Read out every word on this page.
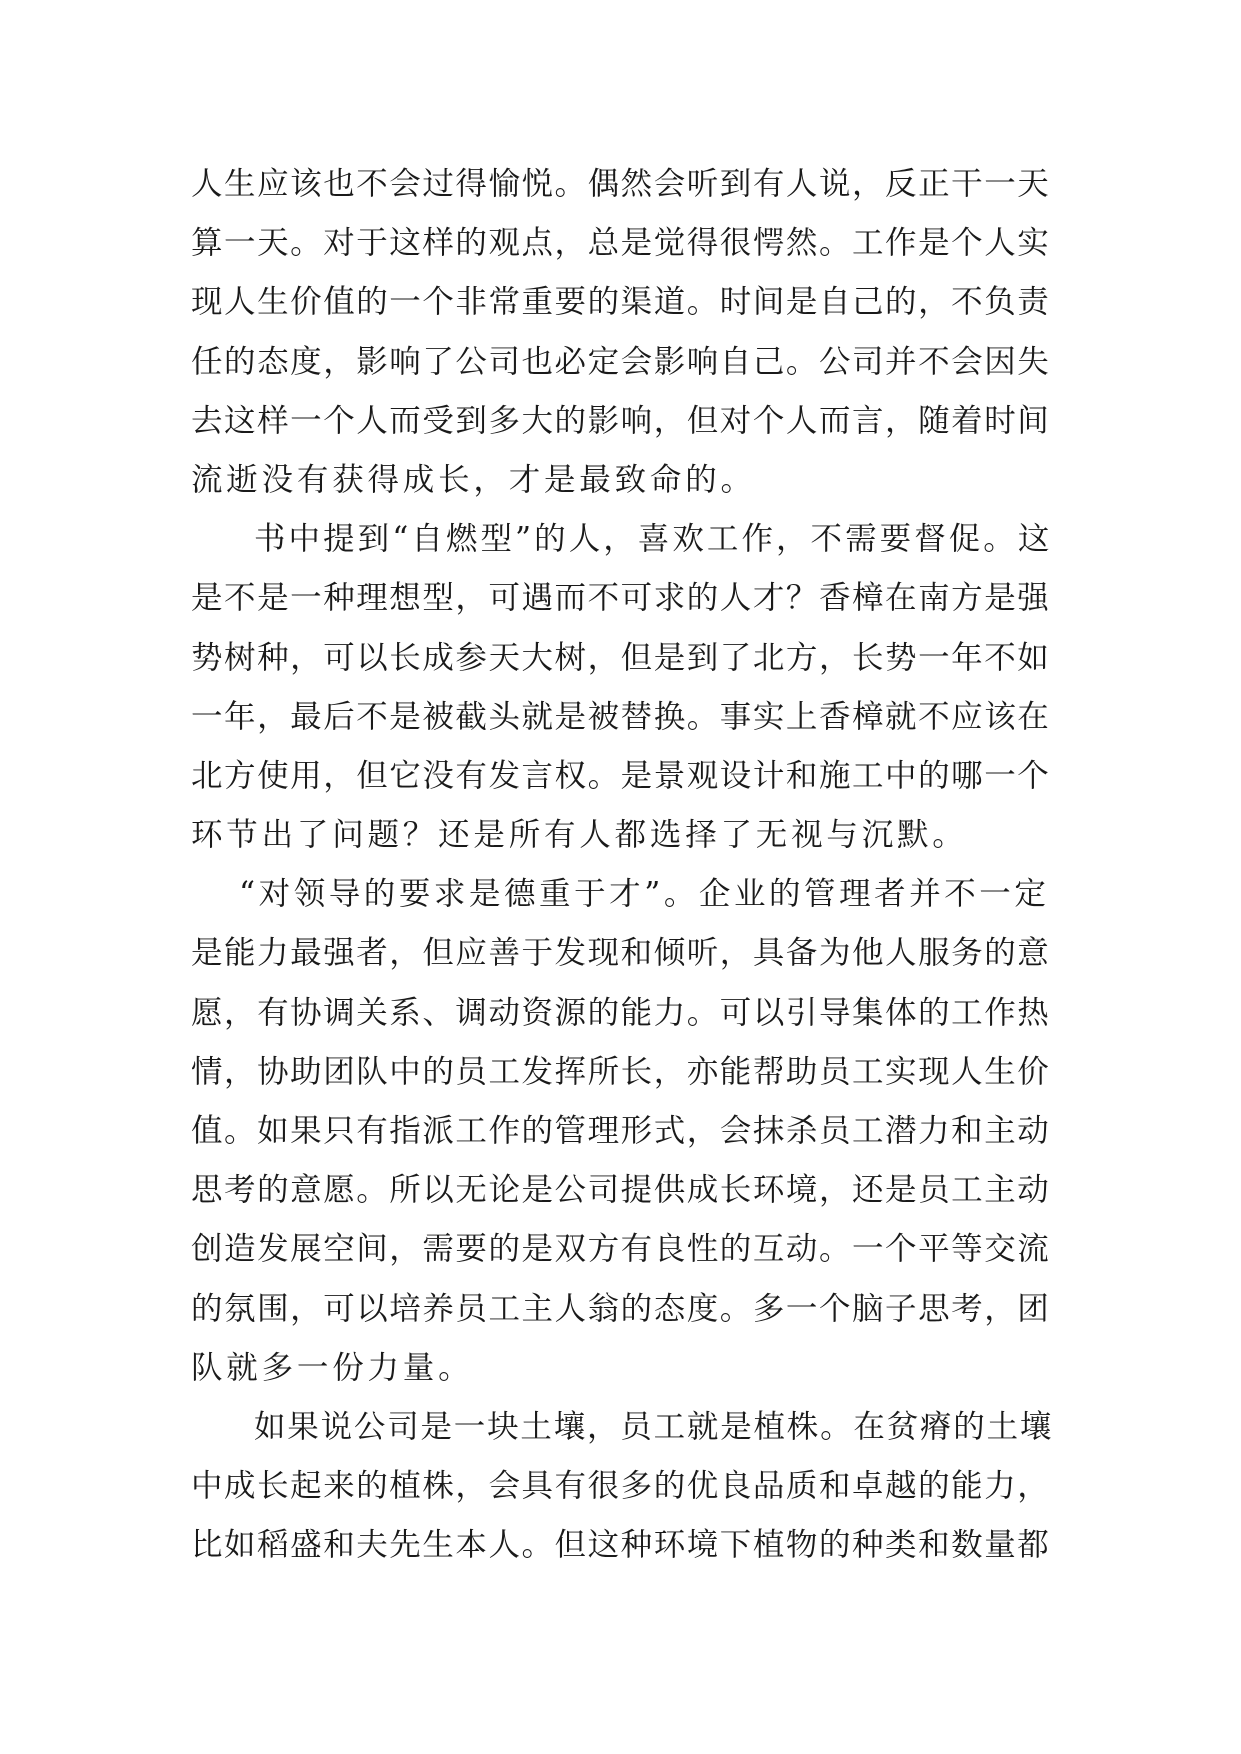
人生应该也不会过得愉悦。偶然会听到有人说，反正干一天
算一天。对于这样的观点，总是觉得很愕然。工作是个人实
现人生价值的一个非常重要的渠道。时间是自己的，不负责
任的态度，影响了公司也必定会影响自己。公司并不会因失
去这样一个人而受到多大的影响，但对个人而言，随着时间
流逝没有获得成长，才是最致命的。
书中提到“自燃型”的人，喜欢工作，不需要督促。这
是不是一种理想型，可遇而不可求的人才？香樟在南方是强
势树种，可以长成参天大树，但是到了北方，长势一年不如
一年，最后不是被截头就是被替换。事实上香樟就不应该在
北方使用，但它没有发言权。是景观设计和施工中的哪一个
环节出了问题？还是所有人都选择了无视与沉默。
“对领导的要求是德重于才”。企业的管理者并不一定
是能力最强者，但应善于发现和倾听，具备为他人服务的意
愿，有协调关系、调动资源的能力。可以引导集体的工作热
情，协助团队中的员工发挥所长，亦能帮助员工实现人生价
值。如果只有指派工作的管理形式，会抹杀员工潜力和主动
思考的意愿。所以无论是公司提供成长环境，还是员工主动
创造发展空间，需要的是双方有良性的互动。一个平等交流
的氛围，可以培养员工主人翁的态度。多一个脑子思考，团
队就多一份力量。
如果说公司是一块土壤，员工就是植株。在贫瘠的土壤
中成长起来的植株，会具有很多的优良品质和卓越的能力，
比如稻盛和夫先生本人。但这种环境下植物的种类和数量都
